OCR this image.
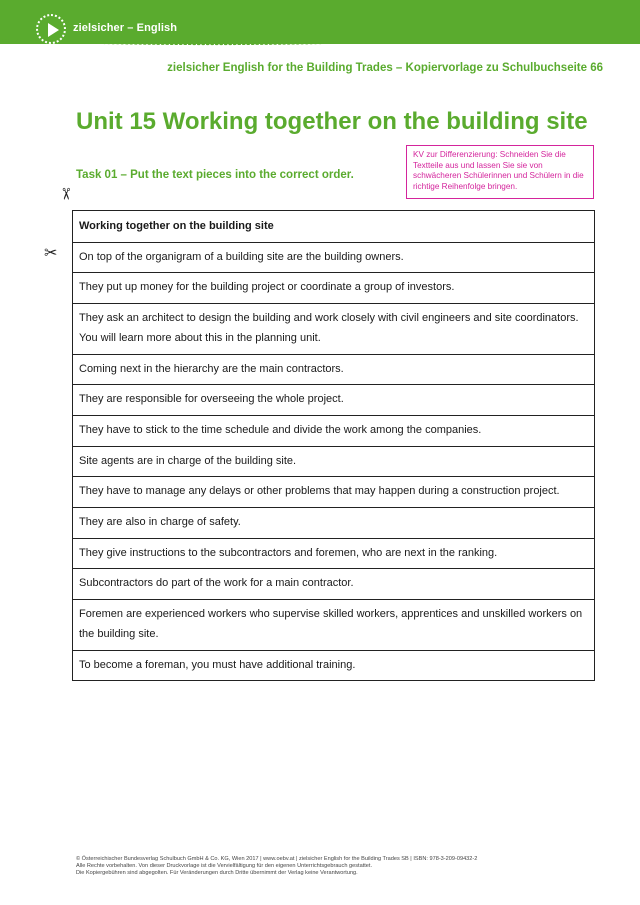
zielsicher – English
zielsicher English for the Building Trades – Kopiervorlage zu Schulbuchseite 66
Unit 15 Working together on the building site
Task 01 – Put the text pieces into the correct order.
KV zur Differenzierung: Schneiden Sie die Textteile aus und lassen Sie sie von schwächeren Schülerinnen und Schülern in die richtige Reihenfolge bringen.
✂
✂
Working together on the building site
On top of the organigram of a building site are the building owners.
They put up money for the building project or coordinate a group of investors.
They ask an architect to design the building and work closely with civil engineers and site coordinators. You will learn more about this in the planning unit.
Coming next in the hierarchy are the main contractors.
They are responsible for overseeing the whole project.
They have to stick to the time schedule and divide the work among the companies.
Site agents are in charge of the building site.
They have to manage any delays or other problems that may happen during a construction project.
They are also in charge of safety.
They give instructions to the subcontractors and foremen, who are next in the ranking.
Subcontractors do part of the work for a main contractor.
Foremen are experienced workers who supervise skilled workers, apprentices and unskilled workers on the building site.
To become a foreman, you must have additional training.
© Österreichischer Bundesverlag Schulbuch GmbH & Co. KG, Wien 2017 | www.oebv.at | zielsicher English for the Building Trades SB | ISBN: 978-3-209-09432-2
Alle Rechte vorbehalten. Von dieser Druckvorlage ist die Vervielfältigung für den eigenen Unterrichtsgebrauch gestattet.
Die Kopiergebühren sind abgegolten. Für Veränderungen durch Dritte übernimmt der Verlag keine Verantwortung.
